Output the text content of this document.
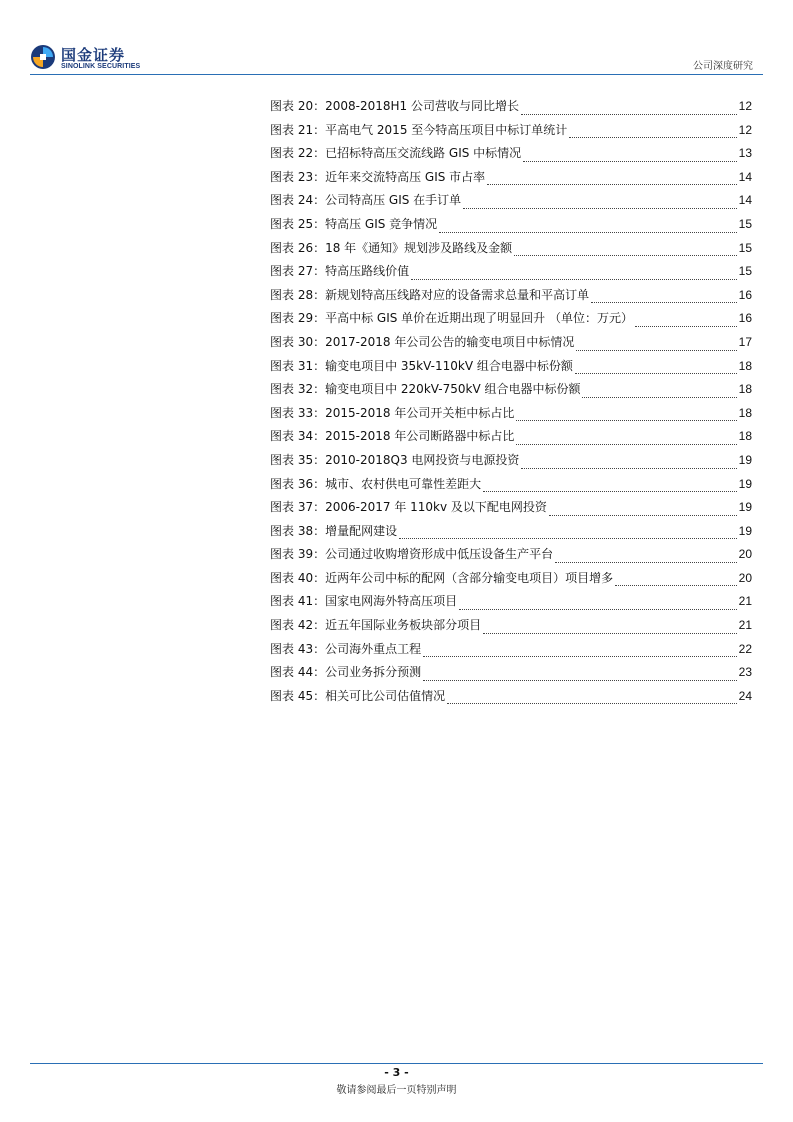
国金证券
SINOLINK SECURITIES	公司深度研究
图表 20： 2008-2018H1 公司营收与同比增长	12
图表 21： 平高电气 2015 至今特高压项目中标订单统计	12
图表 22： 已招标特高压交流线路 GIS 中标情况	13
图表 23： 近年来交流特高压 GIS 市占率	14
图表 24： 公司特高压 GIS 在手订单	14
图表 25： 特高压 GIS 竞争情况	15
图表 26： 18 年《通知》规划涉及路线及金额	15
图表 27： 特高压路线价值	15
图表 28： 新规划特高压线路对应的设备需求总量和平高订单	16
图表 29： 平高中标 GIS 单价在近期出现了明显回升 （单位：万元）	16
图表 30： 2017-2018 年公司公告的输变电项目中标情况	17
图表 31： 输变电项目中 35kV-110kV 组合电器中标份额	18
图表 32： 输变电项目中 220kV-750kV 组合电器中标份额	18
图表 33： 2015-2018 年公司开关柜中标占比	18
图表 34： 2015-2018 年公司断路器中标占比	18
图表 35： 2010-2018Q3 电网投资与电源投资	19
图表 36： 城市、农村供电可靠性差距大	19
图表 37： 2006-2017 年 110kv 及以下配电网投资	19
图表 38： 增量配网建设	19
图表 39： 公司通过收购增资形成中低压设备生产平台	20
图表 40： 近两年公司中标的配网（含部分输变电项目）项目增多	20
图表 41： 国家电网海外特高压项目	21
图表 42： 近五年国际业务板块部分项目	21
图表 43： 公司海外重点工程	22
图表 44： 公司业务拆分预测	23
图表 45： 相关可比公司估值情况	24
- 3 -
敬请参阅最后一页特别声明
